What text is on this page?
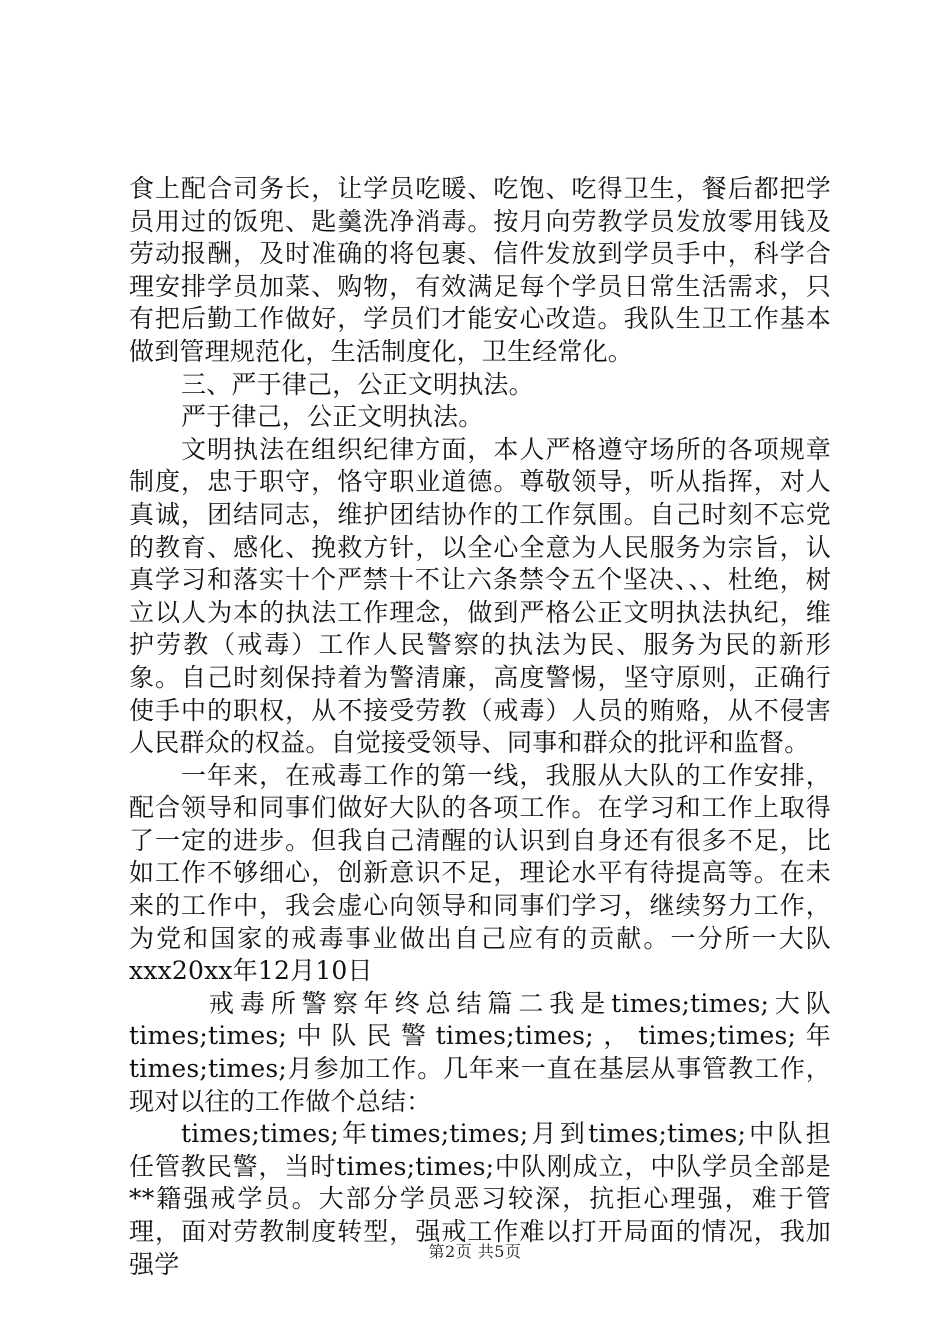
食上配合司务长，让学员吃暖、吃饱、吃得卫生，餐后都把学员用过的饭兜、匙羹洗净消毒。按月向劳教学员发放零用钱及劳动报酬，及时准确的将包裹、信件发放到学员手中，科学合理安排学员加菜、购物，有效满足每个学员日常生活需求，只有把后勤工作做好，学员们才能安心改造。我队生卫工作基本做到管理规范化，生活制度化，卫生经常化。

三、严于律己，公正文明执法。

严于律己，公正文明执法。

文明执法在组织纪律方面，本人严格遵守场所的各项规章制度，忠于职守，恪守职业道德。尊敬领导，听从指挥，对人真诚，团结同志，维护团结协作的工作氛围。自己时刻不忘党的教育、感化、挽救方针，以全心全意为人民服务为宗旨，认真学习和落实十个严禁十不让六条禁令五个坚决、、、杜绝，树立以人为本的执法工作理念，做到严格公正文明执法执纪，维护劳教（戒毒）工作人民警察的执法为民、服务为民的新形象。自己时刻保持着为警清廉，高度警惕，坚守原则，正确行使手中的职权，从不接受劳教（戒毒）人员的贿赂，从不侵害人民群众的权益。自觉接受领导、同事和群众的批评和监督。

一年来，在戒毒工作的第一线，我服从大队的工作安排，配合领导和同事们做好大队的各项工作。在学习和工作上取得了一定的进步。但我自己清醒的认识到自身还有很多不足，比如工作不够细心，创新意识不足，理论水平有待提高等。在未来的工作中，我会虚心向领导和同事们学习，继续努力工作，为党和国家的戒毒事业做出自己应有的贡献。一分所一大队xxx20xx年12月10日

戒毒所警察年终总结篇二我是times;times;大队times;times;中队民警times;times;，times;times;年times;times;月参加工作。几年来一直在基层从事管教工作，现对以往的工作做个总结：

times;times;年times;times;月到times;times;中队担任管教民警，当时times;times;中队刚成立，中队学员全部是**籍强戒学员。大部分学员恶习较深，抗拒心理强，难于管理，面对劳教制度转型，强戒工作难以打开局面的情况，我加强学	第2页 共5页
